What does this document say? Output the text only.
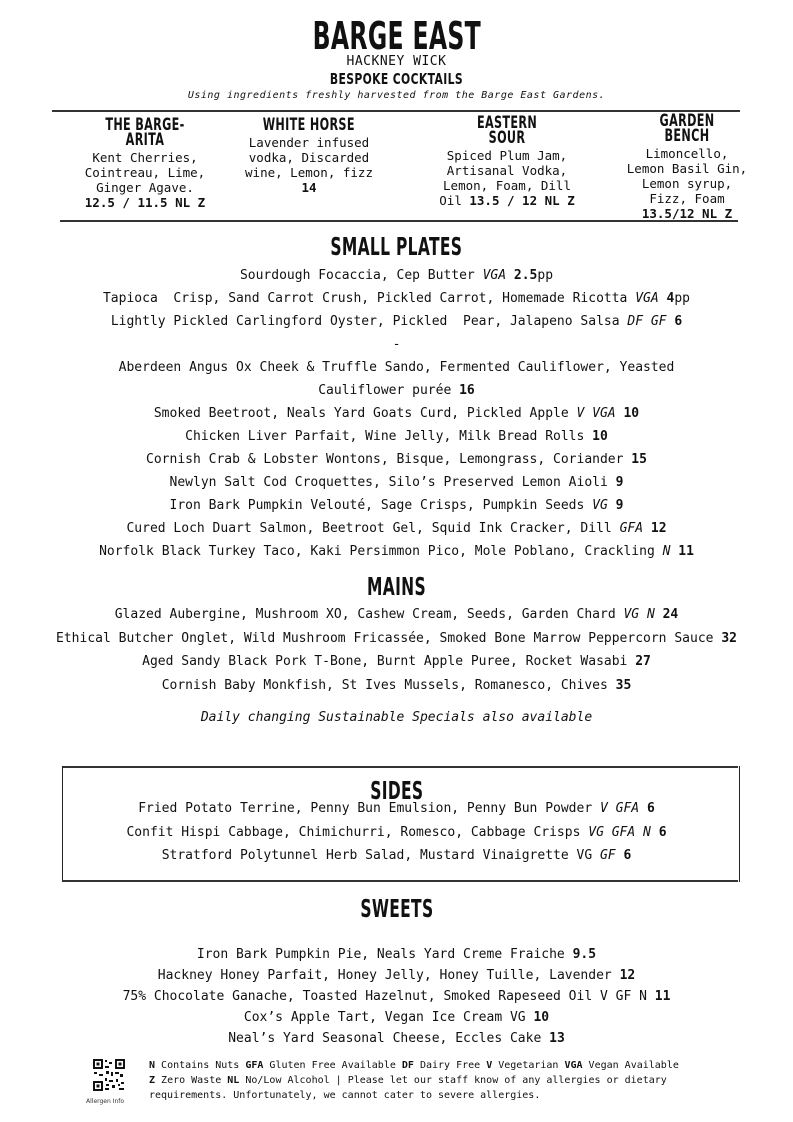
BARGE EAST
HACKNEY WICK
BESPOKE COCKTAILS
Using ingredients freshly harvested from the Barge East Gardens.
THE BARGE-ARITA
Kent Cherries,
Cointreau, Lime,
Ginger Agave.
12.5 / 11.5 NL Z
WHITE HORSE
Lavender infused
vodka, Discarded
wine, Lemon, fizz
14
EASTERN SOUR
Spiced Plum Jam,
Artisanal Vodka,
Lemon, Foam, Dill
Oil 13.5 / 12 NL Z
GARDEN BENCH
Limoncello,
Lemon Basil Gin,
Lemon syrup,
Fizz, Foam
13.5/12 NL Z
SMALL PLATES
Sourdough Focaccia, Cep Butter VGA 2.5pp
Tapioca  Crisp, Sand Carrot Crush, Pickled Carrot, Homemade Ricotta VGA 4pp
Lightly Pickled Carlingford Oyster, Pickled  Pear, Jalapeno Salsa DF GF 6
-
Aberdeen Angus Ox Cheek & Truffle Sando, Fermented Cauliflower, Yeasted
Cauliflower purée 16
Smoked Beetroot, Neals Yard Goats Curd, Pickled Apple V VGA 10
Chicken Liver Parfait, Wine Jelly, Milk Bread Rolls 10
Cornish Crab & Lobster Wontons, Bisque, Lemongrass, Coriander 15
Newlyn Salt Cod Croquettes, Silo’s Preserved Lemon Aioli 9
Iron Bark Pumpkin Velouté, Sage Crisps, Pumpkin Seeds VG 9
Cured Loch Duart Salmon, Beetroot Gel, Squid Ink Cracker, Dill GFA 12
Norfolk Black Turkey Taco, Kaki Persimmon Pico, Mole Poblano, Crackling N 11
MAINS
Glazed Aubergine, Mushroom XO, Cashew Cream, Seeds, Garden Chard VG N 24
Ethical Butcher Onglet, Wild Mushroom Fricassée, Smoked Bone Marrow Peppercorn Sauce 32
Aged Sandy Black Pork T-Bone, Burnt Apple Puree, Rocket Wasabi 27
Cornish Baby Monkfish, St Ives Mussels, Romanesco, Chives 35
Daily changing Sustainable Specials also available
SIDES
Fried Potato Terrine, Penny Bun Emulsion, Penny Bun Powder V GFA 6
Confit Hispi Cabbage, Chimichurri, Romesco, Cabbage Crisps VG GFA N 6
Stratford Polytunnel Herb Salad, Mustard Vinaigrette VG GF 6
SWEETS
Iron Bark Pumpkin Pie, Neals Yard Creme Fraiche 9.5
Hackney Honey Parfait, Honey Jelly, Honey Tuille, Lavender 12
75% Chocolate Ganache, Toasted Hazelnut, Smoked Rapeseed Oil V GF N 11
Cox’s Apple Tart, Vegan Ice Cream VG 10
Neal’s Yard Seasonal Cheese, Eccles Cake 13
Allergen Info
N Contains Nuts GFA Gluten Free Available DF Dairy Free V Vegetarian VGA Vegan Available
Z Zero Waste NL No/Low Alcohol | Please let our staff know of any allergies or dietary requirements. Unfortunately, we cannot cater to severe allergies.
